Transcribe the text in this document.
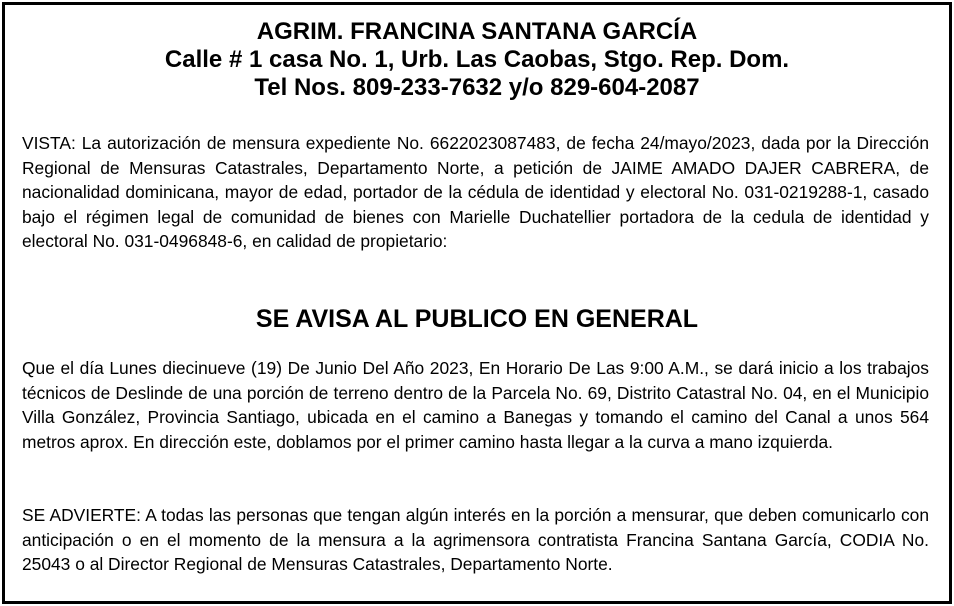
AGRIM. FRANCINA SANTANA GARCÍA
Calle # 1 casa No. 1, Urb. Las Caobas, Stgo. Rep. Dom.
Tel Nos. 809-233-7632 y/o 829-604-2087
VISTA: La autorización de mensura expediente No. 6622023087483, de fecha 24/mayo/2023, dada por la Dirección Regional de Mensuras Catastrales, Departamento Norte, a petición de JAIME AMADO DAJER CABRERA, de nacionalidad dominicana, mayor de edad, portador de la cédula de identidad y electoral No. 031-0219288-1, casado bajo el régimen legal de comunidad de bienes con Marielle Duchatellier portadora de la cedula de identidad y electoral No. 031-0496848-6, en calidad de propietario:
SE AVISA AL PUBLICO EN GENERAL
Que el día Lunes diecinueve (19) De Junio Del Año 2023, En Horario De Las 9:00 A.M., se dará inicio a los trabajos técnicos de Deslinde de una porción de terreno dentro de la Parcela No. 69, Distrito Catastral No. 04, en el Municipio Villa González, Provincia Santiago, ubicada en el camino a Banegas y tomando el camino del Canal a unos 564 metros aprox. En dirección este, doblamos por el primer camino hasta llegar a la curva a mano izquierda.
SE ADVIERTE: A todas las personas que tengan algún interés en la porción a mensurar, que deben comunicarlo con anticipación o en el momento de la mensura a la agrimensora contratista Francina Santana García, CODIA No. 25043 o al Director Regional de Mensuras Catastrales, Departamento Norte.
